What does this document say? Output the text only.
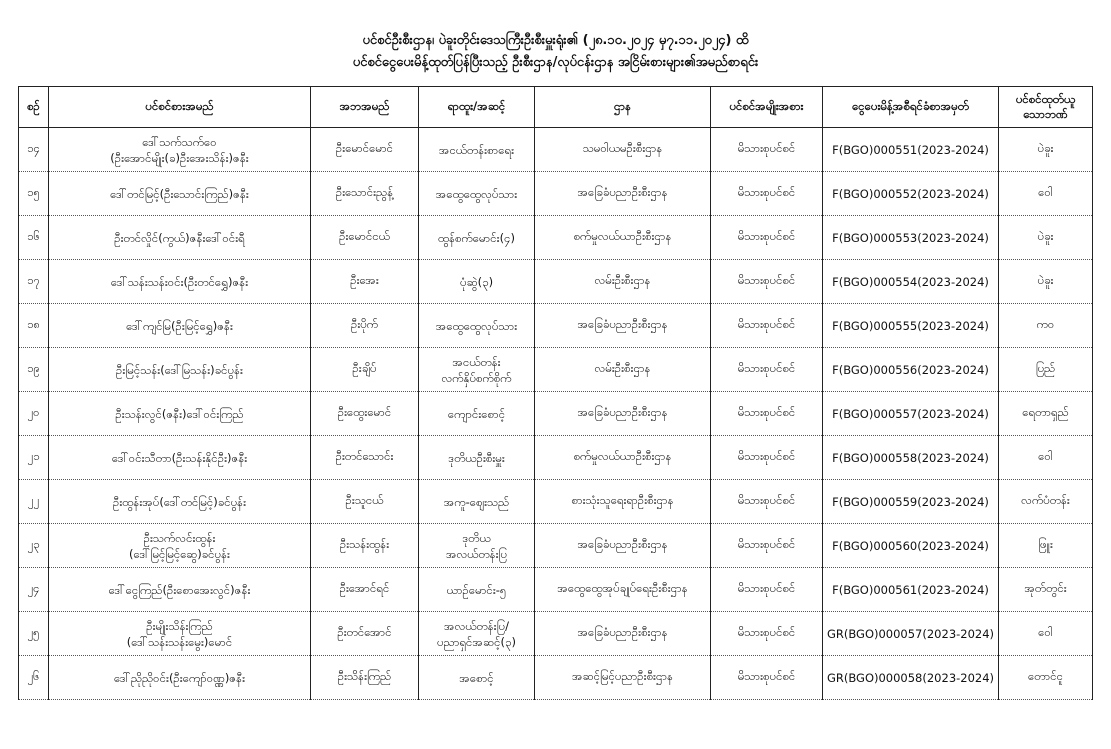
ပင်စင်ဦးစီးဌာန၊ ပဲခူးတိုင်းဒေသကြီးဦးစီးမှူးရုံး၏ (၂၈.၁၀.၂၀၂၄ မှ၇.၁၁.၂၀၂၄) ထိ
ပင်စင်ငွေပေးမိန့်ထုတ်ပြန်ပြီးသည့် ဦးစီးဌာန/လုပ်ငန်းဌာန အငြိမ်းစားများ၏အမည်စာရင်း
စဉ်	ပင်စင်စားအမည်	အဘအမည်	ရာထူး/အဆင့်	ဌာန	ပင်စင်အမျိုးအစား	ငွေပေးမိန့်အစီရင်ခံစာအမှတ်	ပင်စင်ထုတ်ယူ
သောဘဏ်

၁၄	ဒေါ်သက်သက်ဝေ
(ဦးအောင်မျိုး(ခ)ဦးအေးသိန်း)ဇနီး	ဦးမောင်မောင်	အငယ်တန်းစာရေး	သမဝါယမဦးစီးဌာန	မိသားစုပင်စင်	F(BGO)000551(2023-2024)	ပဲခူး
၁၅	ဒေါ်တင်မြင့်(ဦးသောင်းကြည်)ဇနီး	ဦးသောင်းညွန့်	အထွေထွေလုပ်သား	အခြေခံပညာဦးစီးဌာန	မိသားစုပင်စင်	F(BGO)000552(2023-2024)	ဝေါ
၁၆	ဦးတင်လှိုင်(ကွယ်)ဇနီးဒေါ်ဝင်းရီ	ဦးမောင်ငယ်	ထွန်စက်မောင်း(၄)	စက်မှုလယ်ယာဦးစီးဌာန	မိသားစုပင်စင်	F(BGO)000553(2023-2024)	ပဲခူး
၁၇	ဒေါ်သန်းသန်းဝင်း(ဦးတင်ရွှေ)ဇနီး	ဦးအေး	ပုံဆွဲ(၃)	လမ်းဦးစီးဌာန	မိသားစုပင်စင်	F(BGO)000554(2023-2024)	ပဲခူး
၁၈	ဒေါ်ကျင်မြ(ဦးမြင့်ရွှေ)ဇနီး	ဦးပိုက်	အထွေထွေလုပ်သား	အခြေခံပညာဦးစီးဌာန	မိသားစုပင်စင်	F(BGO)000555(2023-2024)	ကဝ
၁၉	ဦးမြင့်သန်း(ဒေါ်မြသန်း)ခင်ပွန်း	ဦးချိပ်	အငယ်တန်း
လက်နှိပ်စက်စိုက်	လမ်းဦးစီးဌာန	မိသားစုပင်စင်	F(BGO)000556(2023-2024)	ပြည်
၂၀	ဦးသန်းလွင်(ဇနီး)ဒေါ်ဝင်းကြည်	ဦးထွေးမောင်	ကျောင်းစောင့်	အခြေခံပညာဦးစီးဌာန	မိသားစုပင်စင်	F(BGO)000557(2023-2024)	ရေတာရှည်
၂၁	ဒေါ်ဝင်းသီတာ(ဦးသန်းနိုင်ဦး)ဇနီး	ဦးတင်သောင်း	ဒုတိယဦးစီးမှူး	စက်မှုလယ်ယာဦးစီးဌာန	မိသားစုပင်စင်	F(BGO)000558(2023-2024)	ဝေါ
၂၂	ဦးထွန်းအုပ်(ဒေါ်တင်မြင့်)ခင်ပွန်း	ဦးသူငယ်	အကူ-ဈေးသည်	စားသုံးသူရေးရာဦးစီးဌာန	မိသားစုပင်စင်	F(BGO)000559(2023-2024)	လက်ပံတန်း
၂၃	ဦးသက်လင်းထွန်း
(ဒေါ်မြင့်မြင့်ဆွေ)ခင်ပွန်း	ဦးသန်းထွန်း	ဒုတိယ
အလယ်တန်းပြ	အခြေခံပညာဦးစီးဌာန	မိသားစုပင်စင်	F(BGO)000560(2023-2024)	ဖြူး
၂၄	ဒေါ်ငွေကြည်(ဦးစောအေးလွင်)ဇနီး	ဦးအောင်ရင်	ယာဉ်မောင်း-၅	အထွေထွေအုပ်ချုပ်ရေးဦးစီးဌာန	မိသားစုပင်စင်	F(BGO)000561(2023-2024)	အုတ်တွင်း
၂၅	ဦးမျိုးသိန်းကြည်
(ဒေါ်သန်းသန်းမွေး)မောင်	ဦးတင်အောင်	အလယ်တန်းပြ/
ပညာရှင်အဆင့်(၃)	အခြေခံပညာဦးစီးဌာန	မိသားစုပင်စင်	GR(BGO)000057(2023-2024)	ဝေါ
၂၆	ဒေါ်ညိုညိုဝင်း(ဦးကျော်ဝဏ္ဏ)ဇနီး	ဦးသိန်းကြည်	အစောင့်	အဆင့်မြင့်ပညာဦးစီးဌာန	မိသားစုပင်စင်	GR(BGO)000058(2023-2024)	တောင်ငူ
